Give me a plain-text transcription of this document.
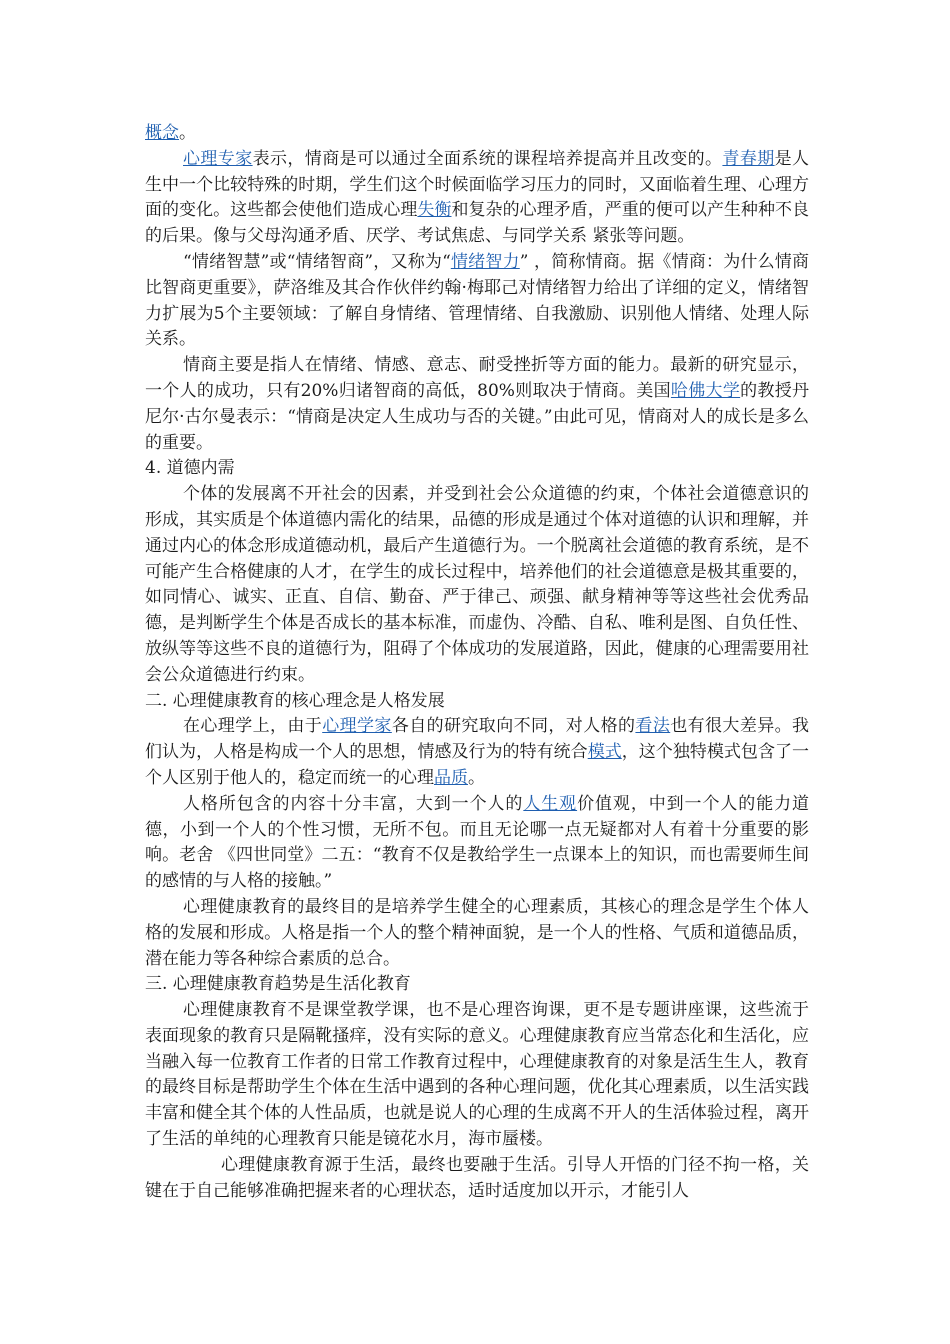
概念。

心理专家表示，情商是可以通过全面系统的课程培养提高并且改变的。青春期是人生中一个比较特殊的时期，学生们这个时候面临学习压力的同时，又面临着生理、心理方面的变化。这些都会使他们造成心理失衡和复杂的心理矛盾，严重的便可以产生种种不良的后果。像与父母沟通矛盾、厌学、考试焦虑、与同学关系 紧张等问题。

“情绪智慧”或“情绪智商”，又称为“情绪智力” ，简称情商。据《情商：为什么情商比智商更重要》，萨洛维及其合作伙伴约翰·梅耶己对情绪智力给出了详细的定义，情绪智力扩展为5个主要领域：了解自身情绪、管理情绪、自我激励、识别他人情绪、处理人际关系。

情商主要是指人在情绪、情感、意志、耐受挫折等方面的能力。最新的研究显示，一个人的成功，只有20%归诸智商的高低，80%则取决于情商。美国哈佛大学的教授丹尼尔·古尔曼表示：“情商是决定人生成功与否的关键。”由此可见，情商对人的成长是多么的重要。

4. 道德内需

个体的发展离不开社会的因素，并受到社会公众道德的约束，个体社会道德意识的形成，其实质是个体道德内需化的结果，品德的形成是通过个体对道德的认识和理解，并通过内心的体念形成道德动机，最后产生道德行为。一个脱离社会道德的教育系统，是不可能产生合格健康的人才，在学生的成长过程中，培养他们的社会道德意是极其重要的，如同情心、诚实、正直、自信、勤奋、严于律己、顽强、献身精神等等这些社会优秀品德，是判断学生个体是否成长的基本标准，而虚伪、冷酷、自私、唯利是图、自负任性、放纵等等这些不良的道德行为，阻碍了个体成功的发展道路，因此，健康的心理需要用社会公众道德进行约束。

二. 心理健康教育的核心理念是人格发展

在心理学上，由于心理学家各自的研究取向不同，对人格的看法也有很大差异。我们认为，人格是构成一个人的思想，情感及行为的特有统合模式，这个独特模式包含了一个人区别于他人的，稳定而统一的心理品质。

人格所包含的内容十分丰富，大到一个人的人生观价值观，中到一个人的能力道德，小到一个人的个性习惯，无所不包。而且无论哪一点无疑都对人有着十分重要的影响。老舍 《四世同堂》二五：“教育不仅是教给学生一点课本上的知识，而也需要师生间的感情的与人格的接触。”

心理健康教育的最终目的是培养学生健全的心理素质，其核心的理念是学生个体人格的发展和形成。人格是指一个人的整个精神面貌，是一个人的性格、气质和道德品质，潜在能力等各种综合素质的总合。

三. 心理健康教育趋势是生活化教育

心理健康教育不是课堂教学课，也不是心理咨询课，更不是专题讲座课，这些流于表面现象的教育只是隔靴搔痒，没有实际的意义。心理健康教育应当常态化和生活化，应当融入每一位教育工作者的日常工作教育过程中，心理健康教育的对象是活生生人，教育的最终目标是帮助学生个体在生活中遇到的各种心理问题，优化其心理素质，以生活实践丰富和健全其个体的人性品质，也就是说人的心理的生成离不开人的生活体验过程，离开了生活的单纯的心理教育只能是镜花水月，海市蜃楼。

心理健康教育源于生活，最终也要融于生活。引导人开悟的门径不拘一格，关键在于自己能够准确把握来者的心理状态，适时适度加以开示，才能引人
